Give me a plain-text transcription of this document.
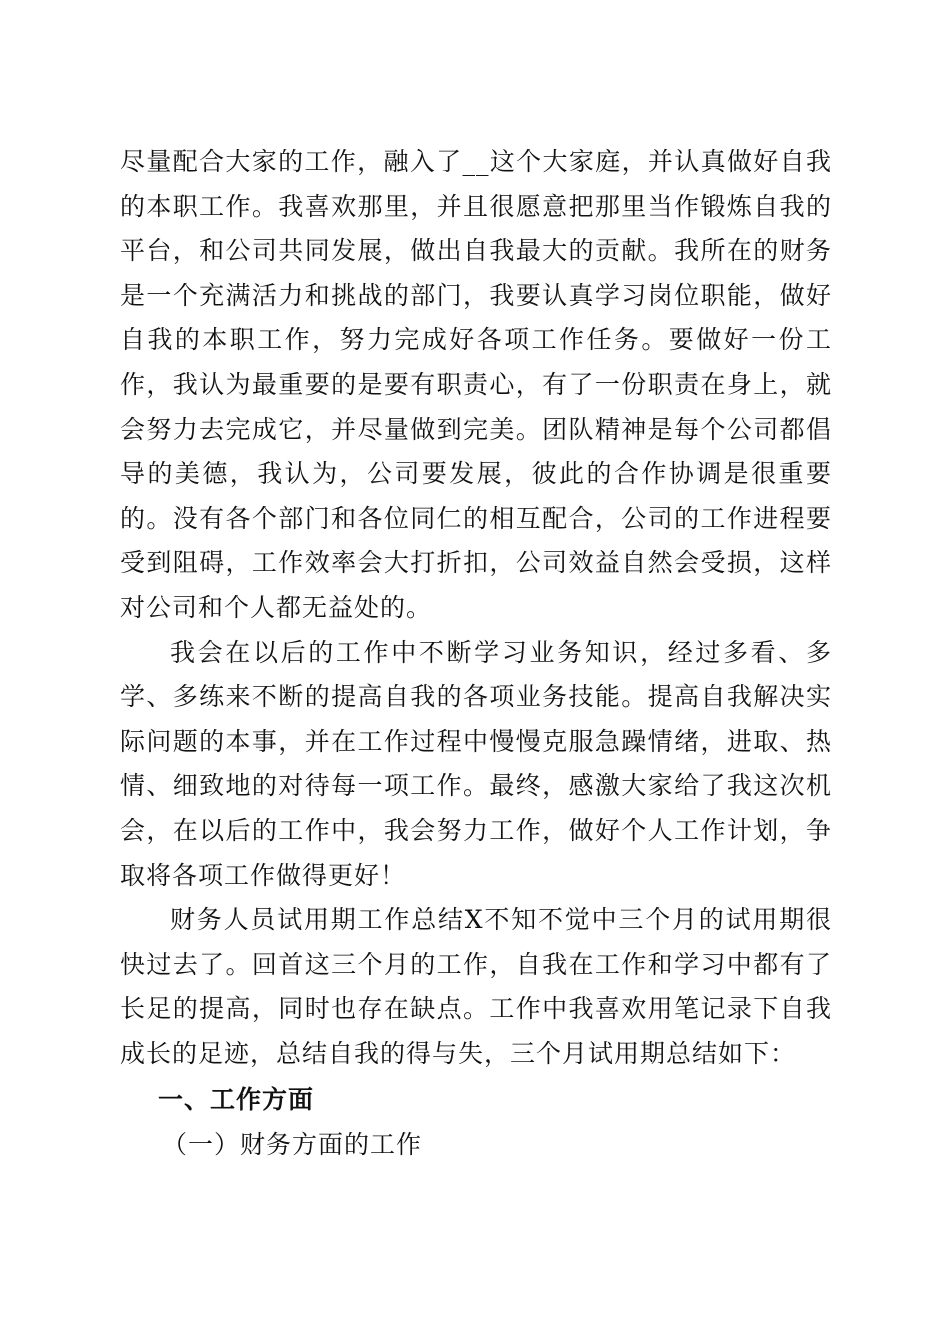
尽量配合大家的工作，融入了__这个大家庭，并认真做好自我的本职工作。我喜欢那里，并且很愿意把那里当作锻炼自我的平台，和公司共同发展，做出自我最大的贡献。我所在的财务是一个充满活力和挑战的部门，我要认真学习岗位职能，做好自我的本职工作，努力完成好各项工作任务。要做好一份工作，我认为最重要的是要有职责心，有了一份职责在身上，就会努力去完成它，并尽量做到完美。团队精神是每个公司都倡导的美德，我认为，公司要发展，彼此的合作协调是很重要的。没有各个部门和各位同仁的相互配合，公司的工作进程要受到阻碍，工作效率会大打折扣，公司效益自然会受损，这样对公司和个人都无益处的。

我会在以后的工作中不断学习业务知识，经过多看、多学、多练来不断的提高自我的各项业务技能。提高自我解决实际问题的本事，并在工作过程中慢慢克服急躁情绪，进取、热情、细致地的对待每一项工作。最终，感激大家给了我这次机会，在以后的工作中，我会努力工作，做好个人工作计划，争取将各项工作做得更好！

财务人员试用期工作总结X不知不觉中三个月的试用期很快过去了。回首这三个月的工作，自我在工作和学习中都有了长足的提高，同时也存在缺点。工作中我喜欢用笔记录下自我成长的足迹，总结自我的得与失，三个月试用期总结如下：

一、工作方面

（一）财务方面的工作
